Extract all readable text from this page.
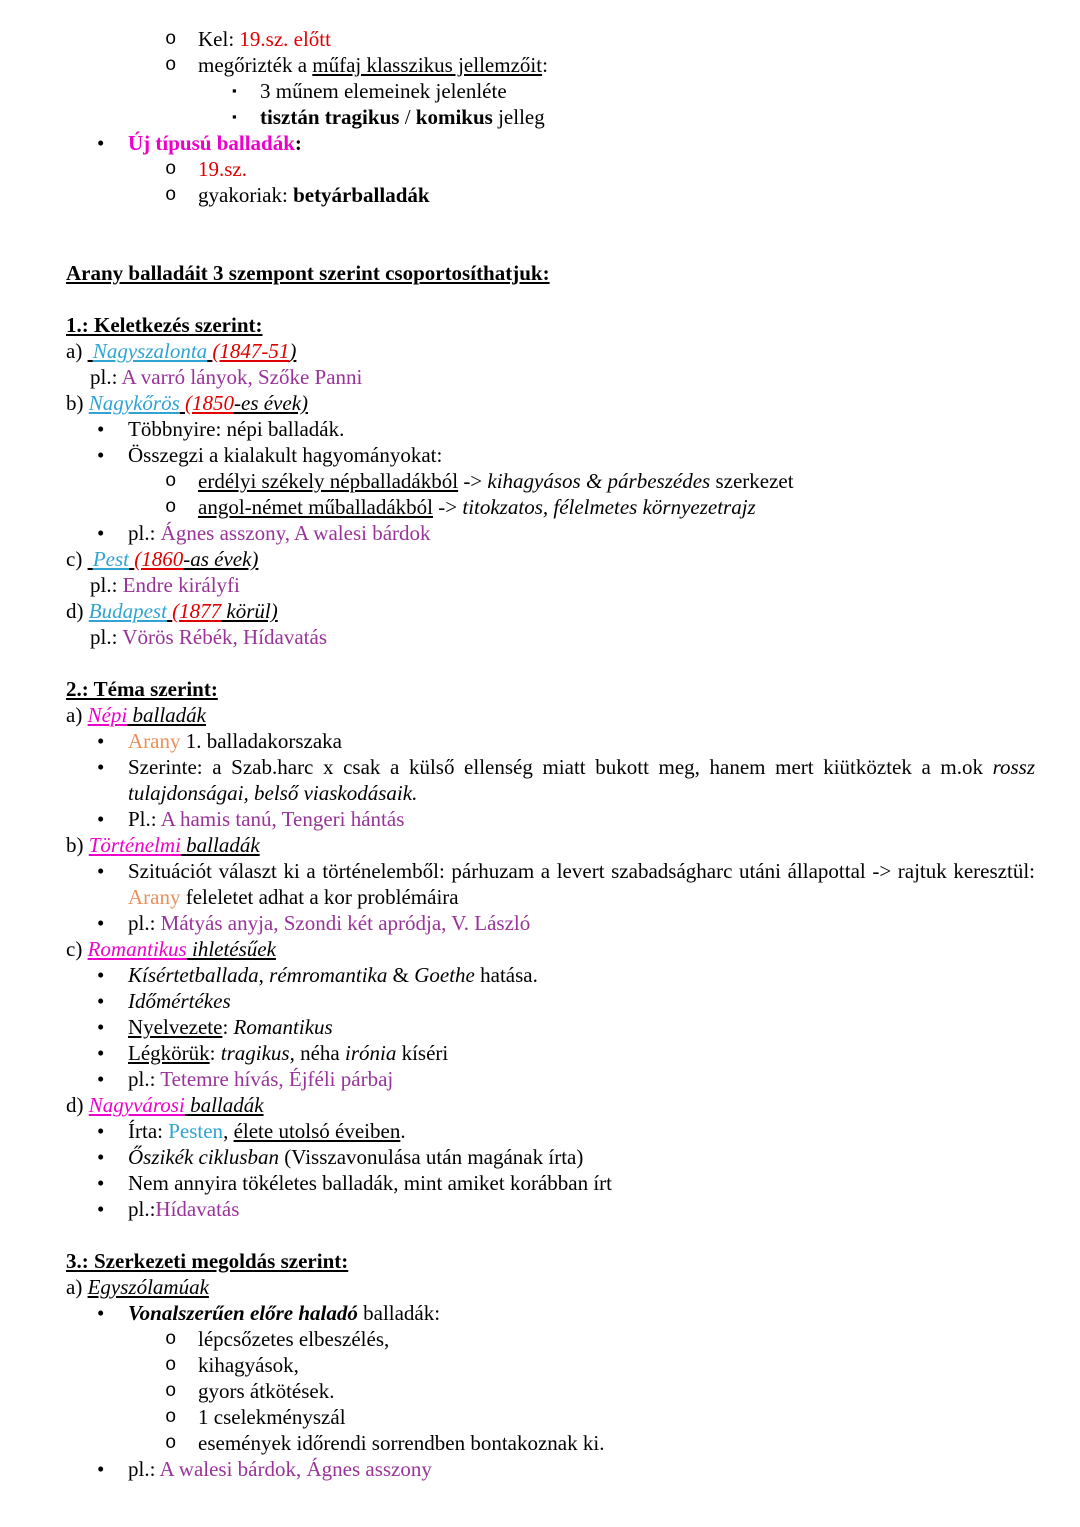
o	Kel: 19.sz. előtt
o	megőrizték a műfaj klasszikus jellemzőit:
▪	3 műnem elemeinek jelenléte
▪	tisztán tragikus / komikus jelleg
•	Új típusú balladák:
o	19.sz.
o	gyakoriak: betyárballadák
Arany balladáit 3 szempont szerint csoportosíthatjuk:
1.: Keletkezés szerint:
a)  Nagyszalonta (1847-51)
pl.: A varró lányok, Szőke Panni
b) Nagykőrös (1850-es évek)
•	Többnyire: népi balladák.
•	Összegzi a kialakult hagyományokat:
o	erdélyi székely népballadákból -> kihagyásos & párbeszédes szerkezet
o	angol-német műballadákból -> titokzatos, félelmetes környezetrajz
•	pl.: Ágnes asszony, A walesi bárdok
c)  Pest (1860-as évek)
pl.: Endre királyfi
d) Budapest (1877 körül)
pl.: Vörös Rébék, Hídavatás
2.: Téma szerint:
a) Népi balladák
•	Arany 1. balladakorszaka
•	Szerinte: a Szab.harc x csak a külső ellenség miatt bukott meg, hanem mert kiütköztek a m.ok rossz tulajdonságai, belső viaskodásaik.
•	Pl.: A hamis tanú, Tengeri hántás
b) Történelmi balladák
•	Szituációt választ ki a történelemből: párhuzam a levert szabadságharc utáni állapottal -> rajtuk keresztül: Arany feleletet adhat a kor problémáira
•	pl.: Mátyás anyja, Szondi két apródja, V. László
c) Romantikus ihletésűek
•	Kísértetballada, rémromantika & Goethe hatása.
•	Időmértékes
•	Nyelvezete: Romantikus
•	Légkörük: tragikus, néha irónia kíséri
•	pl.: Tetemre hívás, Éjféli párbaj
d) Nagyvárosi balladák
•	Írta: Pesten, élete utolsó éveiben.
•	Őszikék ciklusban (Visszavonulása után magának írta)
•	Nem annyira tökéletes balladák, mint amiket korábban írt
•	pl.:Hídavatás
3.: Szerkezeti megoldás szerint:
a) Egyszólamúak
•	Vonalszerűen előre haladó balladák:
o	lépcsőzetes elbeszélés,
o	kihagyások,
o	gyors átkötések.
o	1 cselekményszál
o	események időrendi sorrendben bontakoznak ki.
•	pl.: A walesi bárdok, Ágnes asszony
